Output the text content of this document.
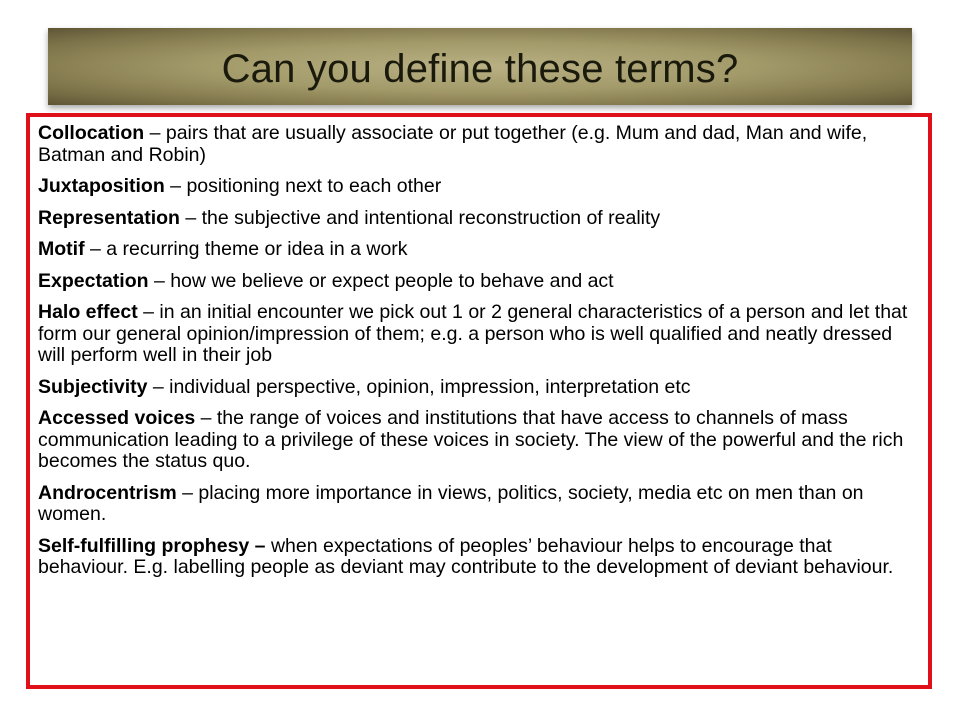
Can you define these terms?
Collocation – pairs that are usually associate or put together (e.g. Mum and dad, Man and wife, Batman and Robin)
Juxtaposition – positioning next to each other
Representation – the subjective and intentional reconstruction of reality
Motif – a recurring theme or idea in a work
Expectation – how we believe or expect people to behave and act
Halo effect – in an initial encounter we pick out 1 or 2 general characteristics of a person and let that form our general opinion/impression of them; e.g. a person who is well qualified and neatly dressed will perform well in their job
Subjectivity – individual perspective, opinion, impression, interpretation etc
Accessed voices – the range of voices and institutions that have access to channels of mass communication leading to a privilege of these voices in society. The view of the powerful and the rich becomes the status quo.
Androcentrism – placing more importance in views, politics, society, media etc on men than on women.
Self-fulfilling prophesy – when expectations of peoples’ behaviour helps to encourage that behaviour. E.g. labelling people as deviant may contribute to the development of deviant behaviour.
